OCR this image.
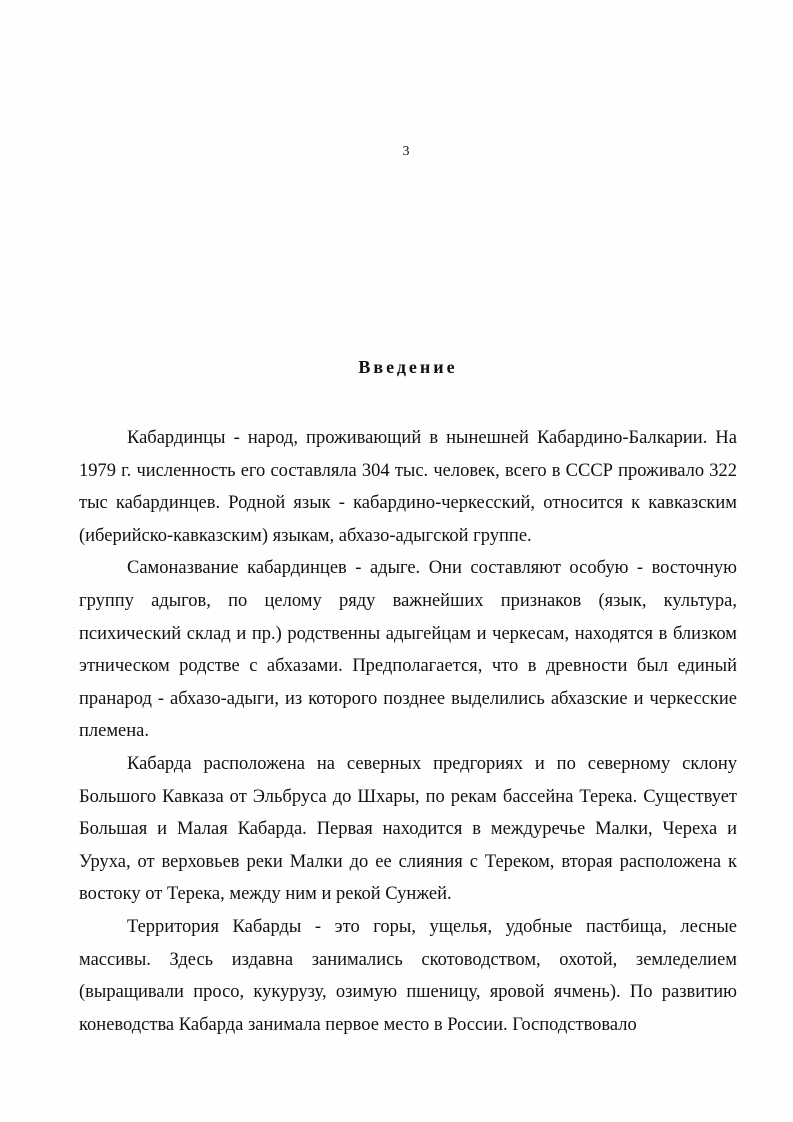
3
Введение

Кабардинцы - народ, проживающий в нынешней Кабардино-Балкарии. На 1979 г. численность его составляла 304 тыс. человек, всего в СССР проживало 322 тыс кабардинцев. Родной язык - кабардино-черкесский, относится к кавказским (иберийско-кавказским) языкам, абхазо-адыгской группе.

Самоназвание кабардинцев - адыге. Они составляют особую - восточную группу адыгов, по целому ряду важнейших признаков (язык, культура, психический склад и пр.) родственны адыгейцам и черкесам, находятся в близком этническом родстве с абхазами. Предполагается, что в древности был единый пранарод - абхазо-адыги, из которого позднее выделились абхазские и черкесские племена.

Кабарда расположена на северных предгориях и по северному склону Большого Кавказа от Эльбруса до Шхары, по рекам бассейна Терека. Существует Большая и Малая Кабарда. Первая находится в междуречье Малки, Череха и Уруха, от верховьев реки Малки до ее слияния с Тереком, вторая расположена к востоку от Терека, между ним и рекой Сунжей.

Территория Кабарды - это горы, ущелья, удобные пастбища, лесные массивы. Здесь издавна занимались скотоводством, охотой, земледелием (выращивали просо, кукурузу, озимую пшеницу, яровой ячмень). По развитию коневодства Кабарда занимала первое место в России. Господствовало
